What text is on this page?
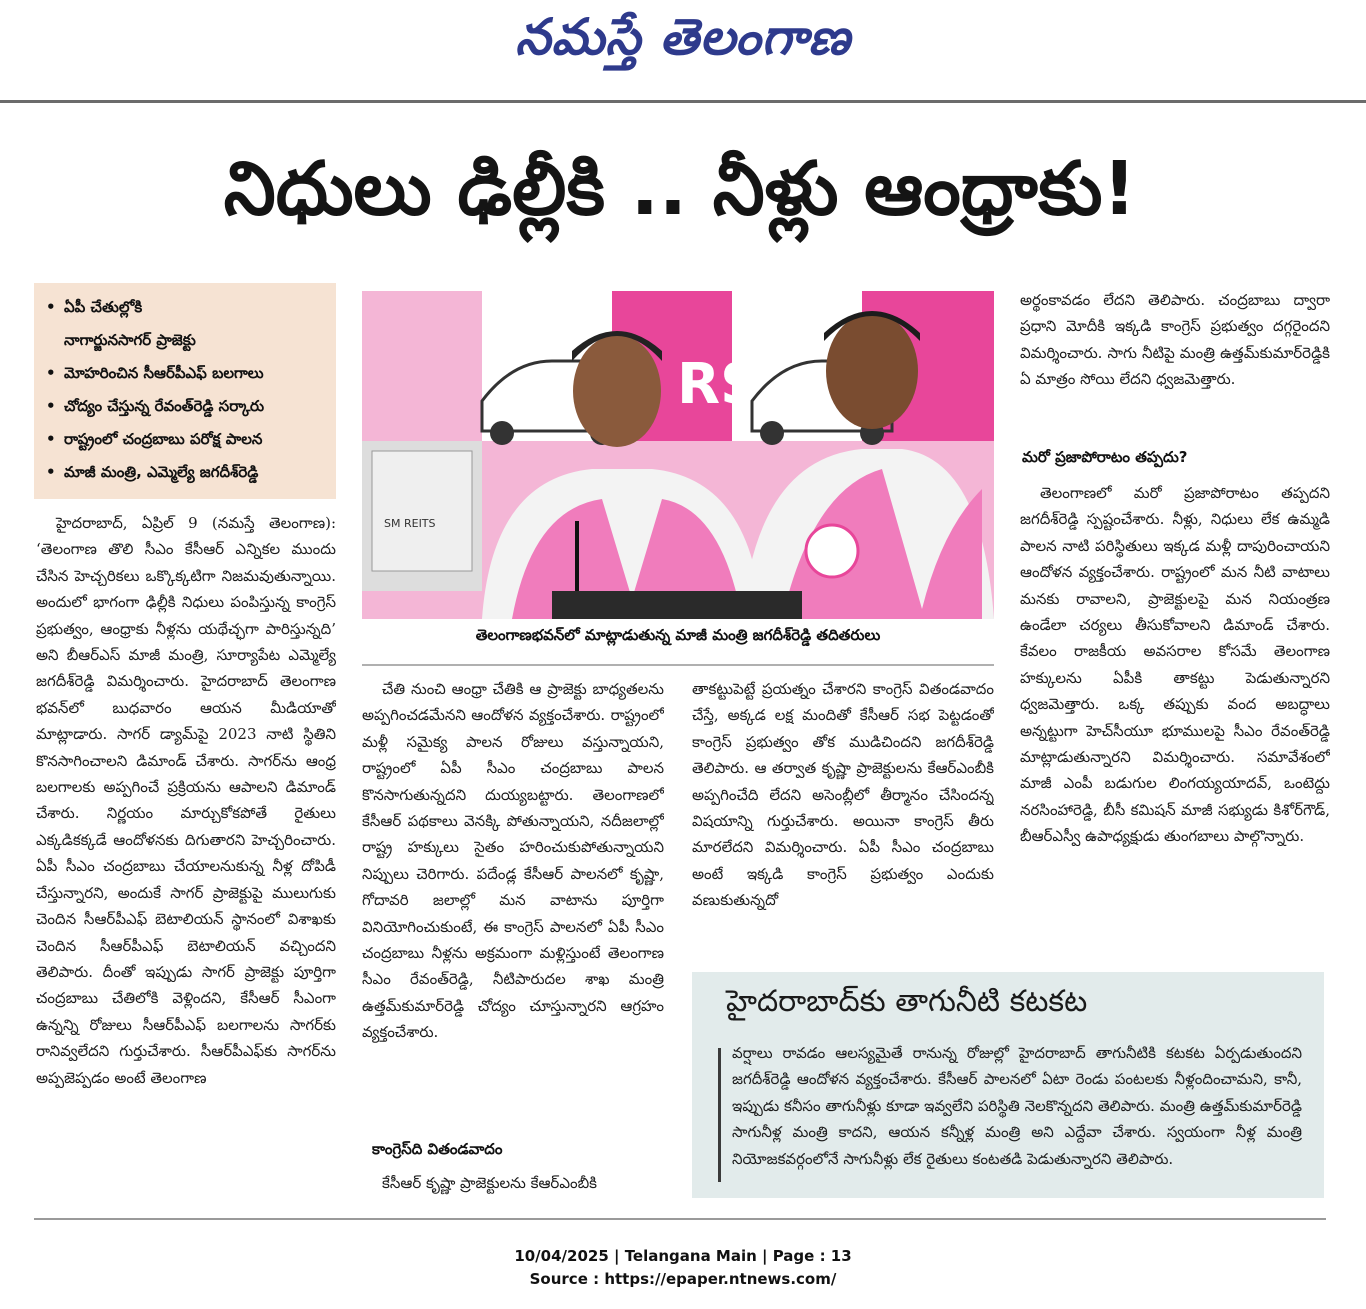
నమస్తే తెలంగాణ
నిధులు ఢిల్లీకి .. నీళ్లు ఆంధ్రాకు!
• ఏపీ చేతుల్లోకి
నాగార్జునసాగర్ ప్రాజెక్టు
• మోహరించిన సీఆర్‌పీఎఫ్ బలగాలు
• చోద్యం చేస్తున్న రేవంత్‌రెడ్డి సర్కారు
• రాష్ట్రంలో చంద్రబాబు పరోక్ష పాలన
• మాజీ మంత్రి, ఎమ్మెల్యే జగదీశ్‌రెడ్డి

హైదరాబాద్, ఏప్రిల్ 9 (నమస్తే తెలంగాణ): ‘తెలంగాణ తొలి సీఎం కేసీఆర్ ఎన్నికల ముందు చేసిన హెచ్చరికలు ఒక్కొక్కటిగా నిజమవుతున్నాయి. అందులో భాగంగా ఢిల్లీకి నిధులు పంపిస్తున్న కాంగ్రెస్ ప్రభుత్వం, ఆంధ్రాకు నీళ్లను యథేచ్ఛగా పారిస్తున్నది’ అని బీఆర్‌ఎస్ మాజీ మంత్రి, సూర్యాపేట ఎమ్మెల్యే జగదీశ్‌రెడ్డి విమర్శించారు. హైదరాబాద్ తెలంగాణ భవన్‌లో బుధవారం ఆయన మీడియాతో మాట్లాడారు. సాగర్ డ్యామ్‌పై 2023 నాటి స్థితిని కొనసాగించాలని డిమాండ్ చేశారు. సాగర్‌ను ఆంధ్ర బలగాలకు అప్పగించే ప్రక్రియను ఆపాలని డిమాండ్ చేశారు. నిర్ణయం మార్చుకోకపోతే రైతులు ఎక్కడికక్కడే ఆందోళనకు దిగుతారని హెచ్చరించారు. ఏపీ సీఎం చంద్రబాబు చేయాలనుకున్న నీళ్ల దోపిడీ చేస్తున్నారని, అందుకే సాగర్ ప్రాజెక్టుపై ములుగుకు చెందిన సీఆర్‌పీఎఫ్ బెటాలియన్ స్థానంలో విశాఖకు చెందిన సీఆర్‌పీఎఫ్ బెటాలియన్ వచ్చిందని తెలిపారు. దీంతో ఇప్పుడు సాగర్ ప్రాజెక్టు పూర్తిగా చంద్రబాబు చేతిలోకి వెళ్లిందని, కేసీఆర్ సీఎంగా ఉన్నన్ని రోజులు సీఆర్‌పీఎఫ్ బలగాలను సాగర్‌కు రానివ్వలేదని గుర్తుచేశారు. సీఆర్‌పీఎఫ్‌కు సాగర్‌ను అప్పజెప్పడం అంటే తెలంగాణ

RS
SM REITS
తెలంగాణభవన్‌లో మాట్లాడుతున్న మాజీ మంత్రి జగదీశ్‌రెడ్డి తదితరులు

చేతి నుంచి ఆంధ్రా చేతికి ఆ ప్రాజెక్టు బాధ్యతలను అప్పగించడమేనని ఆందోళన వ్యక్తంచేశారు. రాష్ట్రంలో మళ్లీ సమైక్య పాలన రోజులు వస్తున్నాయని, రాష్ట్రంలో ఏపీ సీఎం చంద్రబాబు పాలన కొనసాగుతున్నదని దుయ్యబట్టారు. తెలంగాణలో కేసీఆర్ పథకాలు వెనక్కి పోతున్నాయని, నదీజలాల్లో రాష్ట్ర హక్కులు సైతం హరించుకుపోతున్నాయని నిప్పులు చెరిగారు. పదేండ్ల కేసీఆర్ పాలనలో కృష్ణా, గోదావరి జలాల్లో మన వాటాను పూర్తిగా వినియోగించుకుంటే, ఈ కాంగ్రెస్ పాలనలో ఏపీ సీఎం చంద్రబాబు నీళ్లను అక్రమంగా మళ్లిస్తుంటే తెలంగాణ సీఎం రేవంత్‌రెడ్డి, నీటిపారుదల శాఖ మంత్రి ఉత్తమ్‌కుమార్‌రెడ్డి చోద్యం చూస్తున్నారని ఆగ్రహం వ్యక్తంచేశారు.

కాంగ్రెస్‌ది వితండవాదం

కేసీఆర్ కృష్ణా ప్రాజెక్టులను కేఆర్‌ఎంబీకి

తాకట్టుపెట్టే ప్రయత్నం చేశారని కాంగ్రెస్ వితండవాదం చేస్తే, అక్కడ లక్ష మందితో కేసీఆర్ సభ పెట్టడంతో కాంగ్రెస్ ప్రభుత్వం తోక ముడిచిందని జగదీశ్‌రెడ్డి తెలిపారు. ఆ తర్వాత కృష్ణా ప్రాజెక్టులను కేఆర్‌ఎంబీకి అప్పగించేది లేదని అసెంబ్లీలో తీర్మానం చేసిందన్న విషయాన్ని గుర్తుచేశారు. అయినా కాంగ్రెస్ తీరు మారలేదని విమర్శించారు. ఏపీ సీఎం చంద్రబాబు అంటే ఇక్కడి కాంగ్రెస్ ప్రభుత్వం ఎందుకు వణుకుతున్నదో

అర్థంకావడం లేదని తెలిపారు. చంద్రబాబు ద్వారా ప్రధాని మోదీకి ఇక్కడి కాంగ్రెస్ ప్రభుత్వం దగ్గరైందని విమర్శించారు. సాగు నీటిపై మంత్రి ఉత్తమ్‌కుమార్‌రెడ్డికి ఏ మాత్రం సోయి లేదని ధ్వజమెత్తారు.

మరో ప్రజాపోరాటం తప్పదు?

తెలంగాణలో మరో ప్రజాపోరాటం తప్పదని జగదీశ్‌రెడ్డి స్పష్టంచేశారు. నీళ్లు, నిధులు లేక ఉమ్మడి పాలన నాటి పరిస్థితులు ఇక్కడ మళ్లీ దాపురించాయని ఆందోళన వ్యక్తంచేశారు. రాష్ట్రంలో మన నీటి వాటాలు మనకు రావాలని, ప్రాజెక్టులపై మన నియంత్రణ ఉండేలా చర్యలు తీసుకోవాలని డిమాండ్ చేశారు. కేవలం రాజకీయ అవసరాల కోసమే తెలంగాణ హక్కులను ఏపీకి తాకట్టు పెడుతున్నారని ధ్వజమెత్తారు. ఒక్క తప్పుకు వంద అబద్ధాలు అన్నట్టుగా హెచ్‌సీయూ భూములపై సీఎం రేవంత్‌రెడ్డి మాట్లాడుతున్నారని విమర్శించారు. సమావేశంలో మాజీ ఎంపీ బడుగుల లింగయ్యయాదవ్, ఒంటెద్దు నరసింహారెడ్డి, బీసీ కమిషన్ మాజీ సభ్యుడు కిశోర్‌గౌడ్, బీఆర్‌ఎస్వీ ఉపాధ్యక్షుడు తుంగబాలు పాల్గొన్నారు.

హైదరాబాద్‌కు తాగునీటి కటకట

వర్షాలు రావడం ఆలస్యమైతే రానున్న రోజుల్లో హైదరాబాద్ తాగునీటికి కటకట ఏర్పడుతుందని జగదీశ్‌రెడ్డి ఆందోళన వ్యక్తంచేశారు. కేసీఆర్ పాలనలో ఏటా రెండు పంటలకు నీళ్లందించామని, కానీ, ఇప్పుడు కనీసం తాగునీళ్లు కూడా ఇవ్వలేని పరిస్థితి నెలకొన్నదని తెలిపారు. మంత్రి ఉత్తమ్‌కుమార్‌రెడ్డి సాగునీళ్ల మంత్రి కాదని, ఆయన కన్నీళ్ల మంత్రి అని ఎద్దేవా చేశారు. స్వయంగా నీళ్ల మంత్రి నియోజకవర్గంలోనే సాగునీళ్లు లేక రైతులు కంటతడి పెడుతున్నారని తెలిపారు.

10/04/2025 | Telangana Main | Page : 13
Source : https://epaper.ntnews.com/
